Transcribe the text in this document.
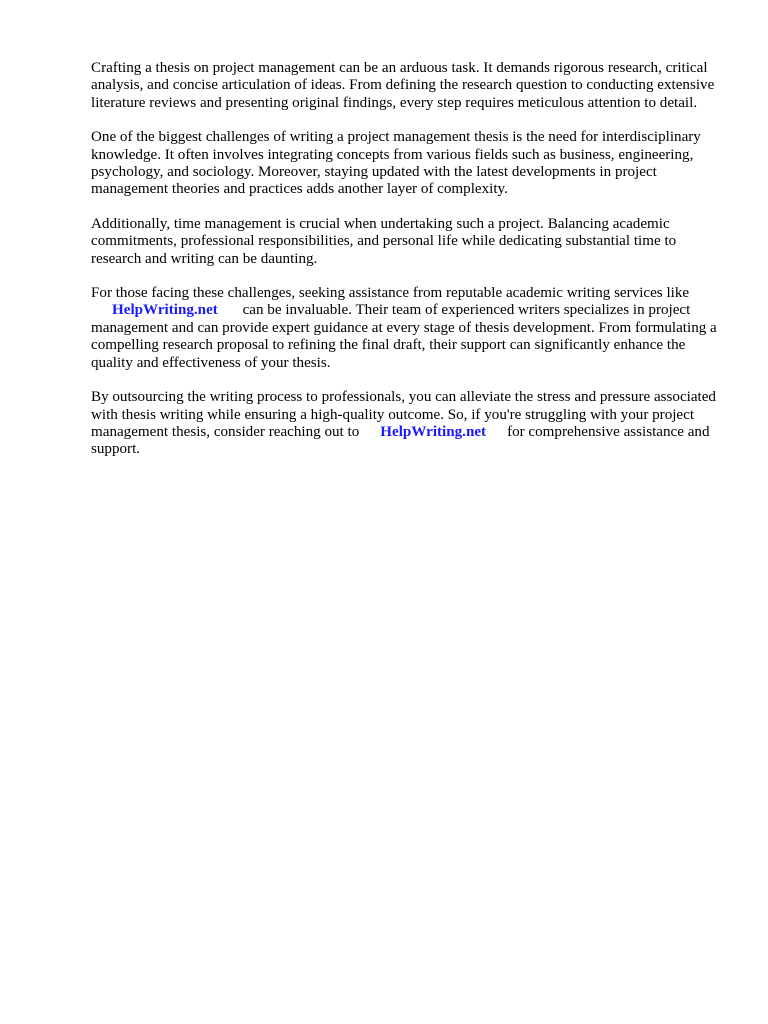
Crafting a thesis on project management can be an arduous task. It demands rigorous research, critical analysis, and concise articulation of ideas. From defining the research question to conducting extensive literature reviews and presenting original findings, every step requires meticulous attention to detail.

One of the biggest challenges of writing a project management thesis is the need for interdisciplinary knowledge. It often involves integrating concepts from various fields such as business, engineering, psychology, and sociology. Moreover, staying updated with the latest developments in project management theories and practices adds another layer of complexity.

Additionally, time management is crucial when undertaking such a project. Balancing academic commitments, professional responsibilities, and personal life while dedicating substantial time to research and writing can be daunting.

For those facing these challenges, seeking assistance from reputable academic writing services like
HelpWriting.net can be invaluable. Their team of experienced writers specializes in project management and can provide expert guidance at every stage of thesis development. From formulating a compelling research proposal to refining the final draft, their support can significantly enhance the quality and effectiveness of your thesis.

By outsourcing the writing process to professionals, you can alleviate the stress and pressure associated with thesis writing while ensuring a high-quality outcome. So, if you're struggling with your project management thesis, consider reaching out to HelpWriting.net for comprehensive assistance and support.
